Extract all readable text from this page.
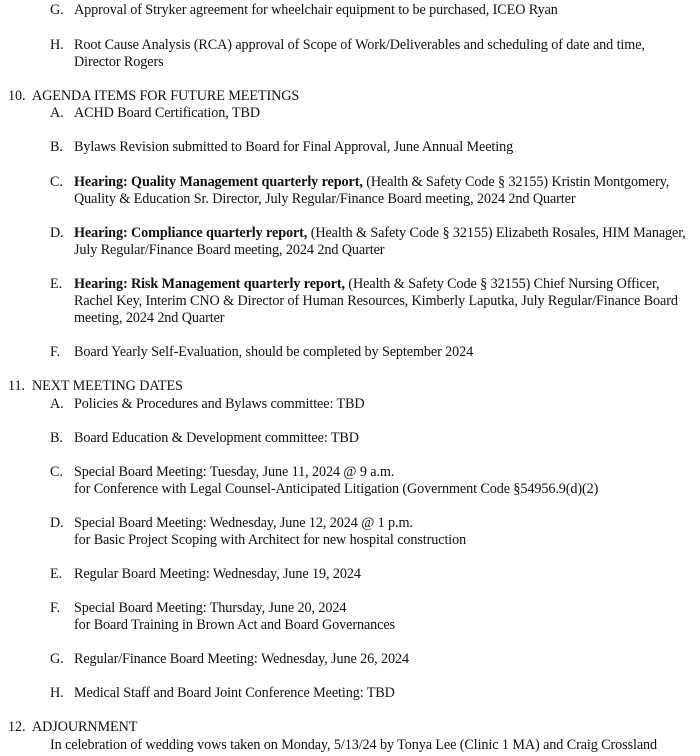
G. Approval of Stryker agreement for wheelchair equipment to be purchased, ICEO Ryan
H. Root Cause Analysis (RCA) approval of Scope of Work/Deliverables and scheduling of date and time, Director Rogers
10. AGENDA ITEMS FOR FUTURE MEETINGS
A. ACHD Board Certification, TBD
B. Bylaws Revision submitted to Board for Final Approval, June Annual Meeting
C. Hearing: Quality Management quarterly report, (Health & Safety Code § 32155) Kristin Montgomery, Quality & Education Sr. Director, July Regular/Finance Board meeting, 2024 2nd Quarter
D. Hearing: Compliance quarterly report, (Health & Safety Code § 32155) Elizabeth Rosales, HIM Manager, July Regular/Finance Board meeting, 2024 2nd Quarter
E. Hearing: Risk Management quarterly report, (Health & Safety Code § 32155) Chief Nursing Officer, Rachel Key, Interim CNO & Director of Human Resources, Kimberly Laputka, July Regular/Finance Board meeting, 2024 2nd Quarter
F. Board Yearly Self-Evaluation, should be completed by September 2024
11. NEXT MEETING DATES
A. Policies & Procedures and Bylaws committee: TBD
B. Board Education & Development committee: TBD
C. Special Board Meeting: Tuesday, June 11, 2024 @ 9 a.m.
for Conference with Legal Counsel-Anticipated Litigation (Government Code §54956.9(d)(2)
D. Special Board Meeting: Wednesday, June 12, 2024 @ 1 p.m.
for Basic Project Scoping with Architect for new hospital construction
E. Regular Board Meeting: Wednesday, June 19, 2024
F. Special Board Meeting: Thursday, June 20, 2024
for Board Training in Brown Act and Board Governances
G. Regular/Finance Board Meeting: Wednesday, June 26, 2024
H. Medical Staff and Board Joint Conference Meeting: TBD
12. ADJOURNMENT
In celebration of wedding vows taken on Monday, 5/13/24 by Tonya Lee (Clinic 1 MA) and Craig Crossland
